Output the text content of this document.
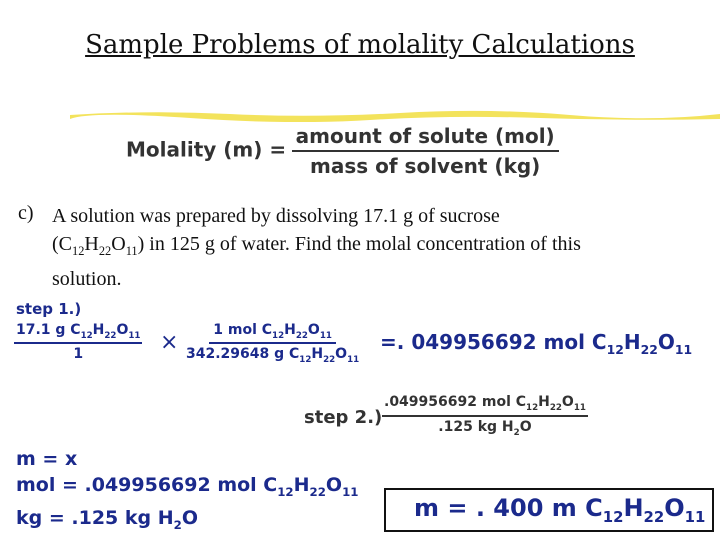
Sample Problems of molality Calculations
Molality $(m) = \frac{\text{amount of solute (mol)}}{\text{mass of solvent (kg)}}$
c) A solution was prepared by dissolving 17.1 g of sucrose
$(C_{12}H_{22}O_{11})$ in 125 g of water. Find the molal concentration of this
solution.
step 1.)
$\frac{17.1 g C_{12}H_{22}O_{11}}{1} \times \frac{1 mol C_{12}H_{22}O_{11}}{342.29648 g C_{12}H_{22}O_{11}}$ =. 049956692 mol $C_{12}H_{22}O_{11}$
step $2.) \frac{.049956692 mol C_{12}H_{22}O_{11}}{.125 kg H_2O}$
m = x
mol = .049956692 mol $C_{12}H_{22}O_{11}$
kg = .125 kg $H_2O$	m = . 400 m $C_{12}H_{22}O_{11}$
